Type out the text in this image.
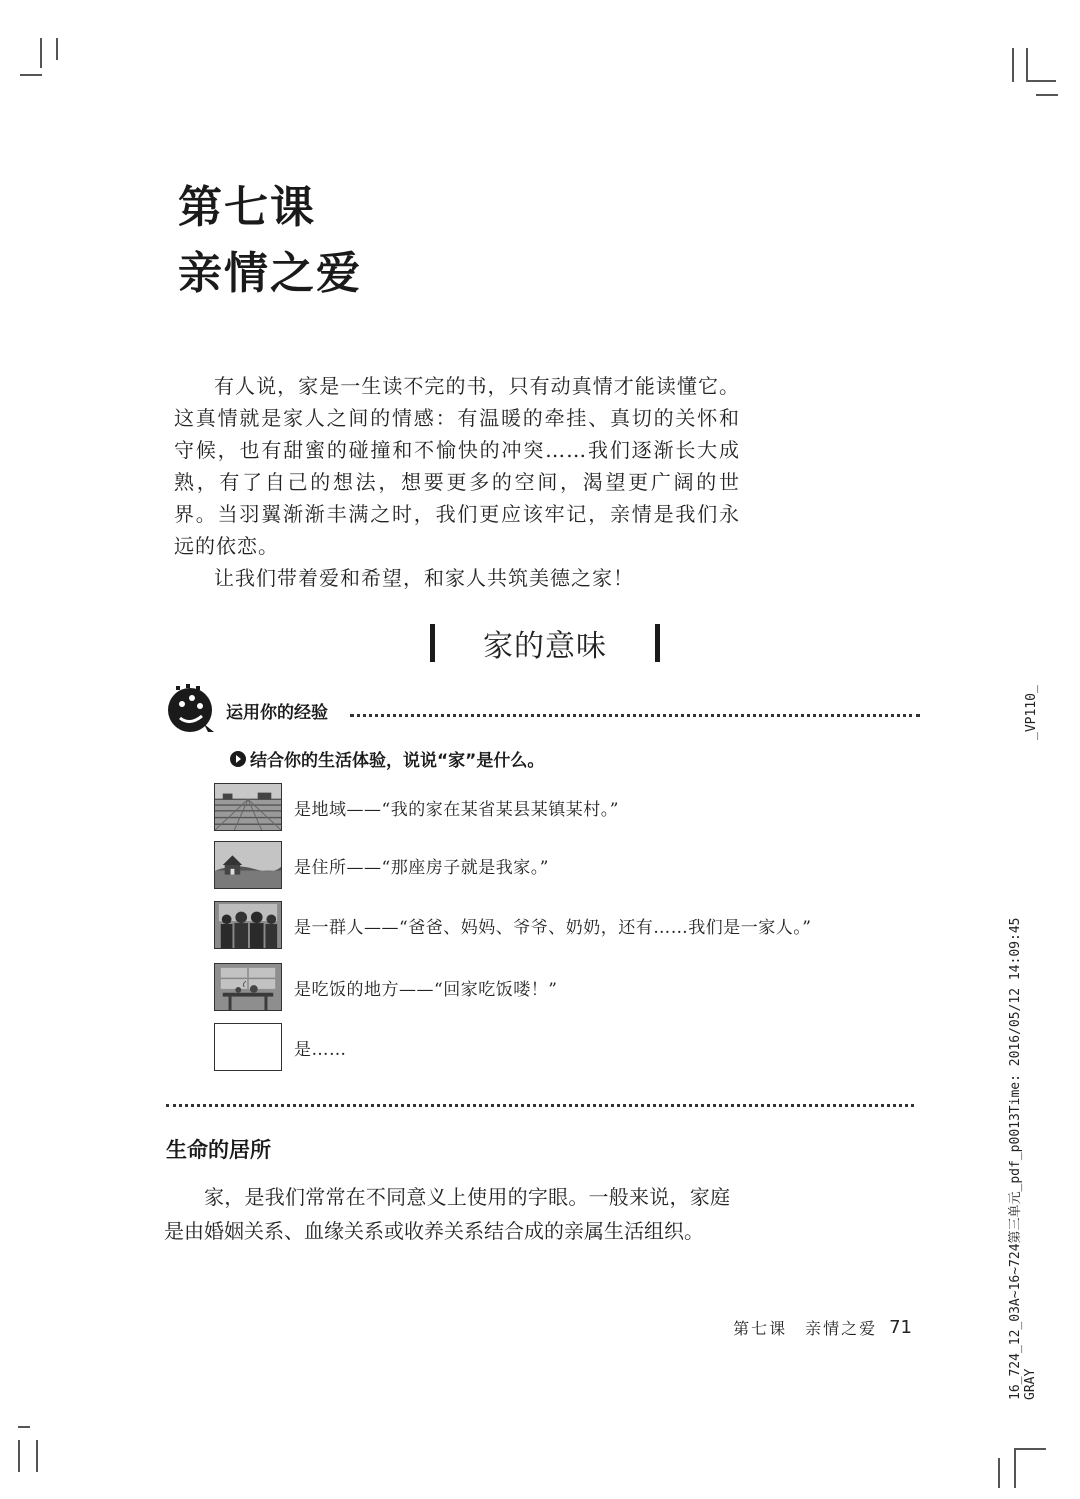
第七课
亲情之爱

有人说，家是一生读不完的书，只有动真情才能读懂它。这真情就是家人之间的情感：有温暖的牵挂、真切的关怀和守候，也有甜蜜的碰撞和不愉快的冲突……我们逐渐长大成熟，有了自己的想法，想要更多的空间，渴望更广阔的世界。当羽翼渐渐丰满之时，我们更应该牢记，亲情是我们永远的依恋。

让我们带着爱和希望，和家人共筑美德之家！

家的意味
运用你的经验
结合你的生活体验，说说“家”是什么。
是地域——“我的家在某省某县某镇某村。”
是住所——“那座房子就是我家。”
是一群人——“爸爸、妈妈、爷爷、奶奶，还有……我们是一家人。”
是吃饭的地方——“回家吃饭喽！”
是……
生命的居所

家，是我们常常在不同意义上使用的字眼。一般来说，家庭是由婚姻关系、血缘关系或收养关系结合成的亲属生活组织。

第七课　亲情之爱 71	16_724_12_03A~16~724第三单元_pdf_p0013Time: 2016/05/12 14:09:45 GRAY
_VP110_
